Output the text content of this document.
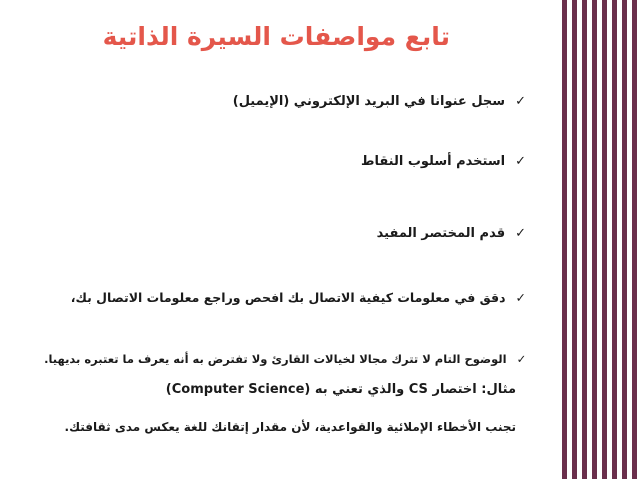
تابع مواصفات السيرة الذاتية
✓سجل عنوانا في البريد الإلكتروني (الإيميل)
✓استخدم أسلوب النقاط
✓قدم المختصر المفيد
✓دقق في معلومات كيفية الاتصال بك افحص وراجع معلومات الاتصال بك،
✓الوضوح التام لا تترك مجالا لخيالات القارئ ولا تفترض به أنه يعرف ما تعتبره بديهيا.
مثال: اختصار CS والذي تعني به (Computer Science)
تجنب الأخطاء الإملائية والقواعدية، لأن مقدار إتقانك للغة يعكس مدى ثقافتك.
